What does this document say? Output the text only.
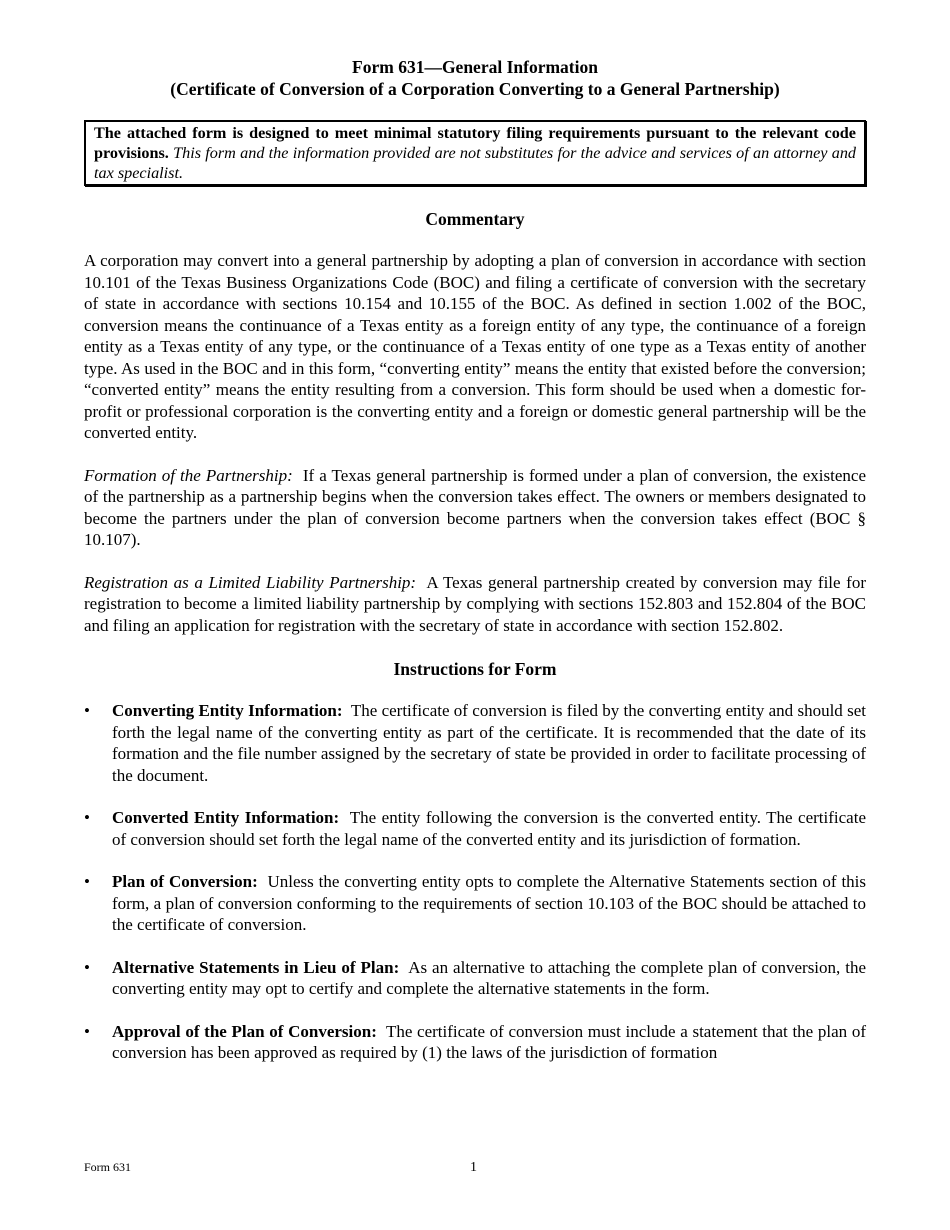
Form 631—General Information
(Certificate of Conversion of a Corporation Converting to a General Partnership)
The attached form is designed to meet minimal statutory filing requirements pursuant to the relevant code provisions. This form and the information provided are not substitutes for the advice and services of an attorney and tax specialist.
Commentary

A corporation may convert into a general partnership by adopting a plan of conversion in accordance with section 10.101 of the Texas Business Organizations Code (BOC) and filing a certificate of conversion with the secretary of state in accordance with sections 10.154 and 10.155 of the BOC. As defined in section 1.002 of the BOC, conversion means the continuance of a Texas entity as a foreign entity of any type, the continuance of a foreign entity as a Texas entity of any type, or the continuance of a Texas entity of one type as a Texas entity of another type. As used in the BOC and in this form, “converting entity” means the entity that existed before the conversion; “converted entity” means the entity resulting from a conversion. This form should be used when a domestic for-profit or professional corporation is the converting entity and a foreign or domestic general partnership will be the converted entity.

Formation of the Partnership: If a Texas general partnership is formed under a plan of conversion, the existence of the partnership as a partnership begins when the conversion takes effect. The owners or members designated to become the partners under the plan of conversion become partners when the conversion takes effect (BOC § 10.107).

Registration as a Limited Liability Partnership: A Texas general partnership created by conversion may file for registration to become a limited liability partnership by complying with sections 152.803 and 152.804 of the BOC and filing an application for registration with the secretary of state in accordance with section 152.802.

Instructions for Form
• Converting Entity Information: The certificate of conversion is filed by the converting entity and should set forth the legal name of the converting entity as part of the certificate. It is recommended that the date of its formation and the file number assigned by the secretary of state be provided in order to facilitate processing of the document.
• Converted Entity Information: The entity following the conversion is the converted entity. The certificate of conversion should set forth the legal name of the converted entity and its jurisdiction of formation.
• Plan of Conversion: Unless the converting entity opts to complete the Alternative Statements section of this form, a plan of conversion conforming to the requirements of section 10.103 of the BOC should be attached to the certificate of conversion.
• Alternative Statements in Lieu of Plan: As an alternative to attaching the complete plan of conversion, the converting entity may opt to certify and complete the alternative statements in the form.
• Approval of the Plan of Conversion: The certificate of conversion must include a statement that the plan of conversion has been approved as required by (1) the laws of the jurisdiction of formation
Form 631	1
